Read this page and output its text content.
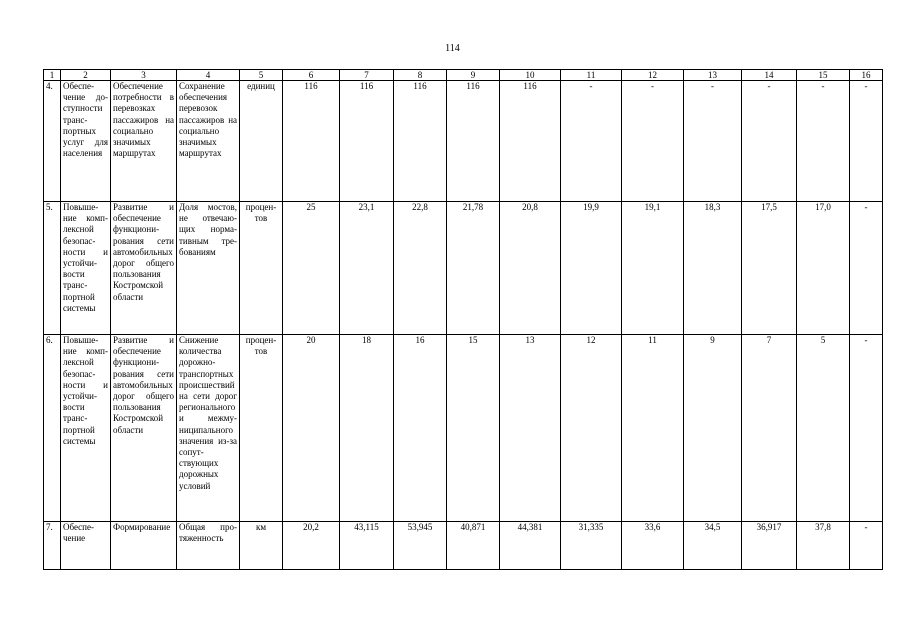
114
1	2	3	4	5	6	7	8	9	10	11	12	13	14	15	16
4.	Обеспечение доступности транспортных услуг для населения	Обеспечение потребности в перевозках пассажиров на социально значимых маршрутах	Сохранение обеспечения перевозок пассажиров на социально значимых маршрутах	единиц	116	116	116	116	116	-	-	-	-	-	-
5.	Повышение комплексной безопасности и устойчивости транспортной системы	Развитие и обеспечение функционирования сети автомобильных дорог общего пользования Костромской области	Доля мостов, не отвечающих нормативным требованиям	процентов	25	23,1	22,8	21,78	20,8	19,9	19,1	18,3	17,5	17,0	-
6.	Повышение комплексной безопасности и устойчивости транспортной системы	Развитие и обеспечение функционирования сети автомобильных дорог общего пользования Костромской области	Снижение количества дорожно-транспортных происшествий на сети дорог регионального и межмуниципального значения из-за сопутствующих дорожных условий	процентов	20	18	16	15	13	12	11	9	7	5	-
7.	Обеспечение	Формирование	Общая протяженность	км	20,2	43,115	53,945	40,871	44,381	31,335	33,6	34,5	36,917	37,8	-
